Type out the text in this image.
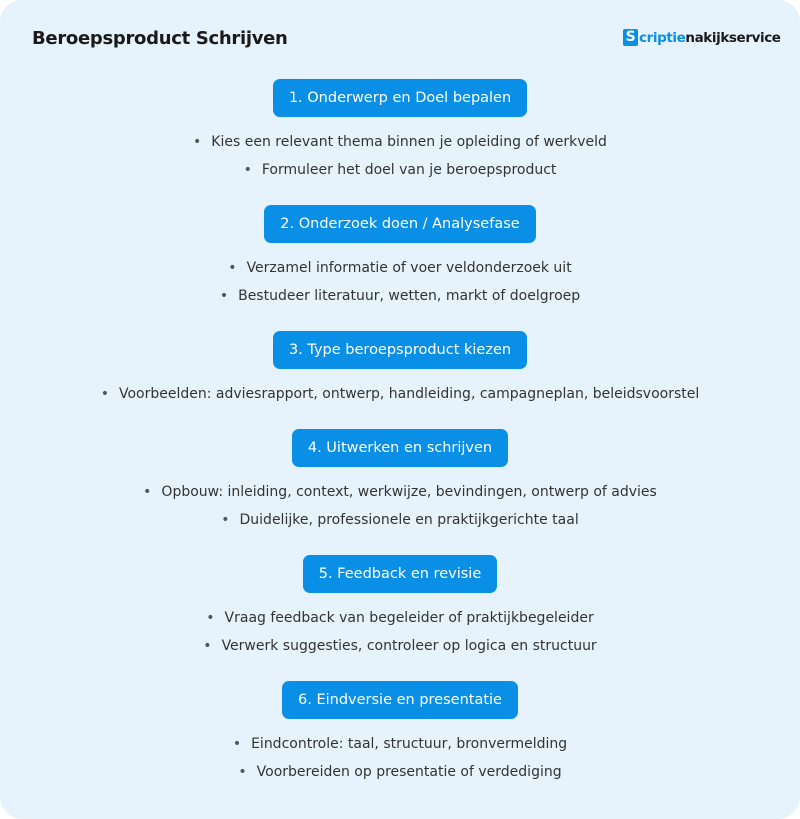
Beroepsproduct Schrijven	S criptie nakijkservice
1. Onderwerp en Doel bepalen
• Kies een relevant thema binnen je opleiding of werkveld
• Formuleer het doel van je beroepsproduct
2. Onderzoek doen / Analysefase
• Verzamel informatie of voer veldonderzoek uit
• Bestudeer literatuur, wetten, markt of doelgroep
3. Type beroepsproduct kiezen
• Voorbeelden: adviesrapport, ontwerp, handleiding, campagneplan, beleidsvoorstel
4. Uitwerken en schrijven
• Opbouw: inleiding, context, werkwijze, bevindingen, ontwerp of advies
• Duidelijke, professionele en praktijkgerichte taal
5. Feedback en revisie
• Vraag feedback van begeleider of praktijkbegeleider
• Verwerk suggesties, controleer op logica en structuur
6. Eindversie en presentatie
• Eindcontrole: taal, structuur, bronvermelding
• Voorbereiden op presentatie of verdediging
